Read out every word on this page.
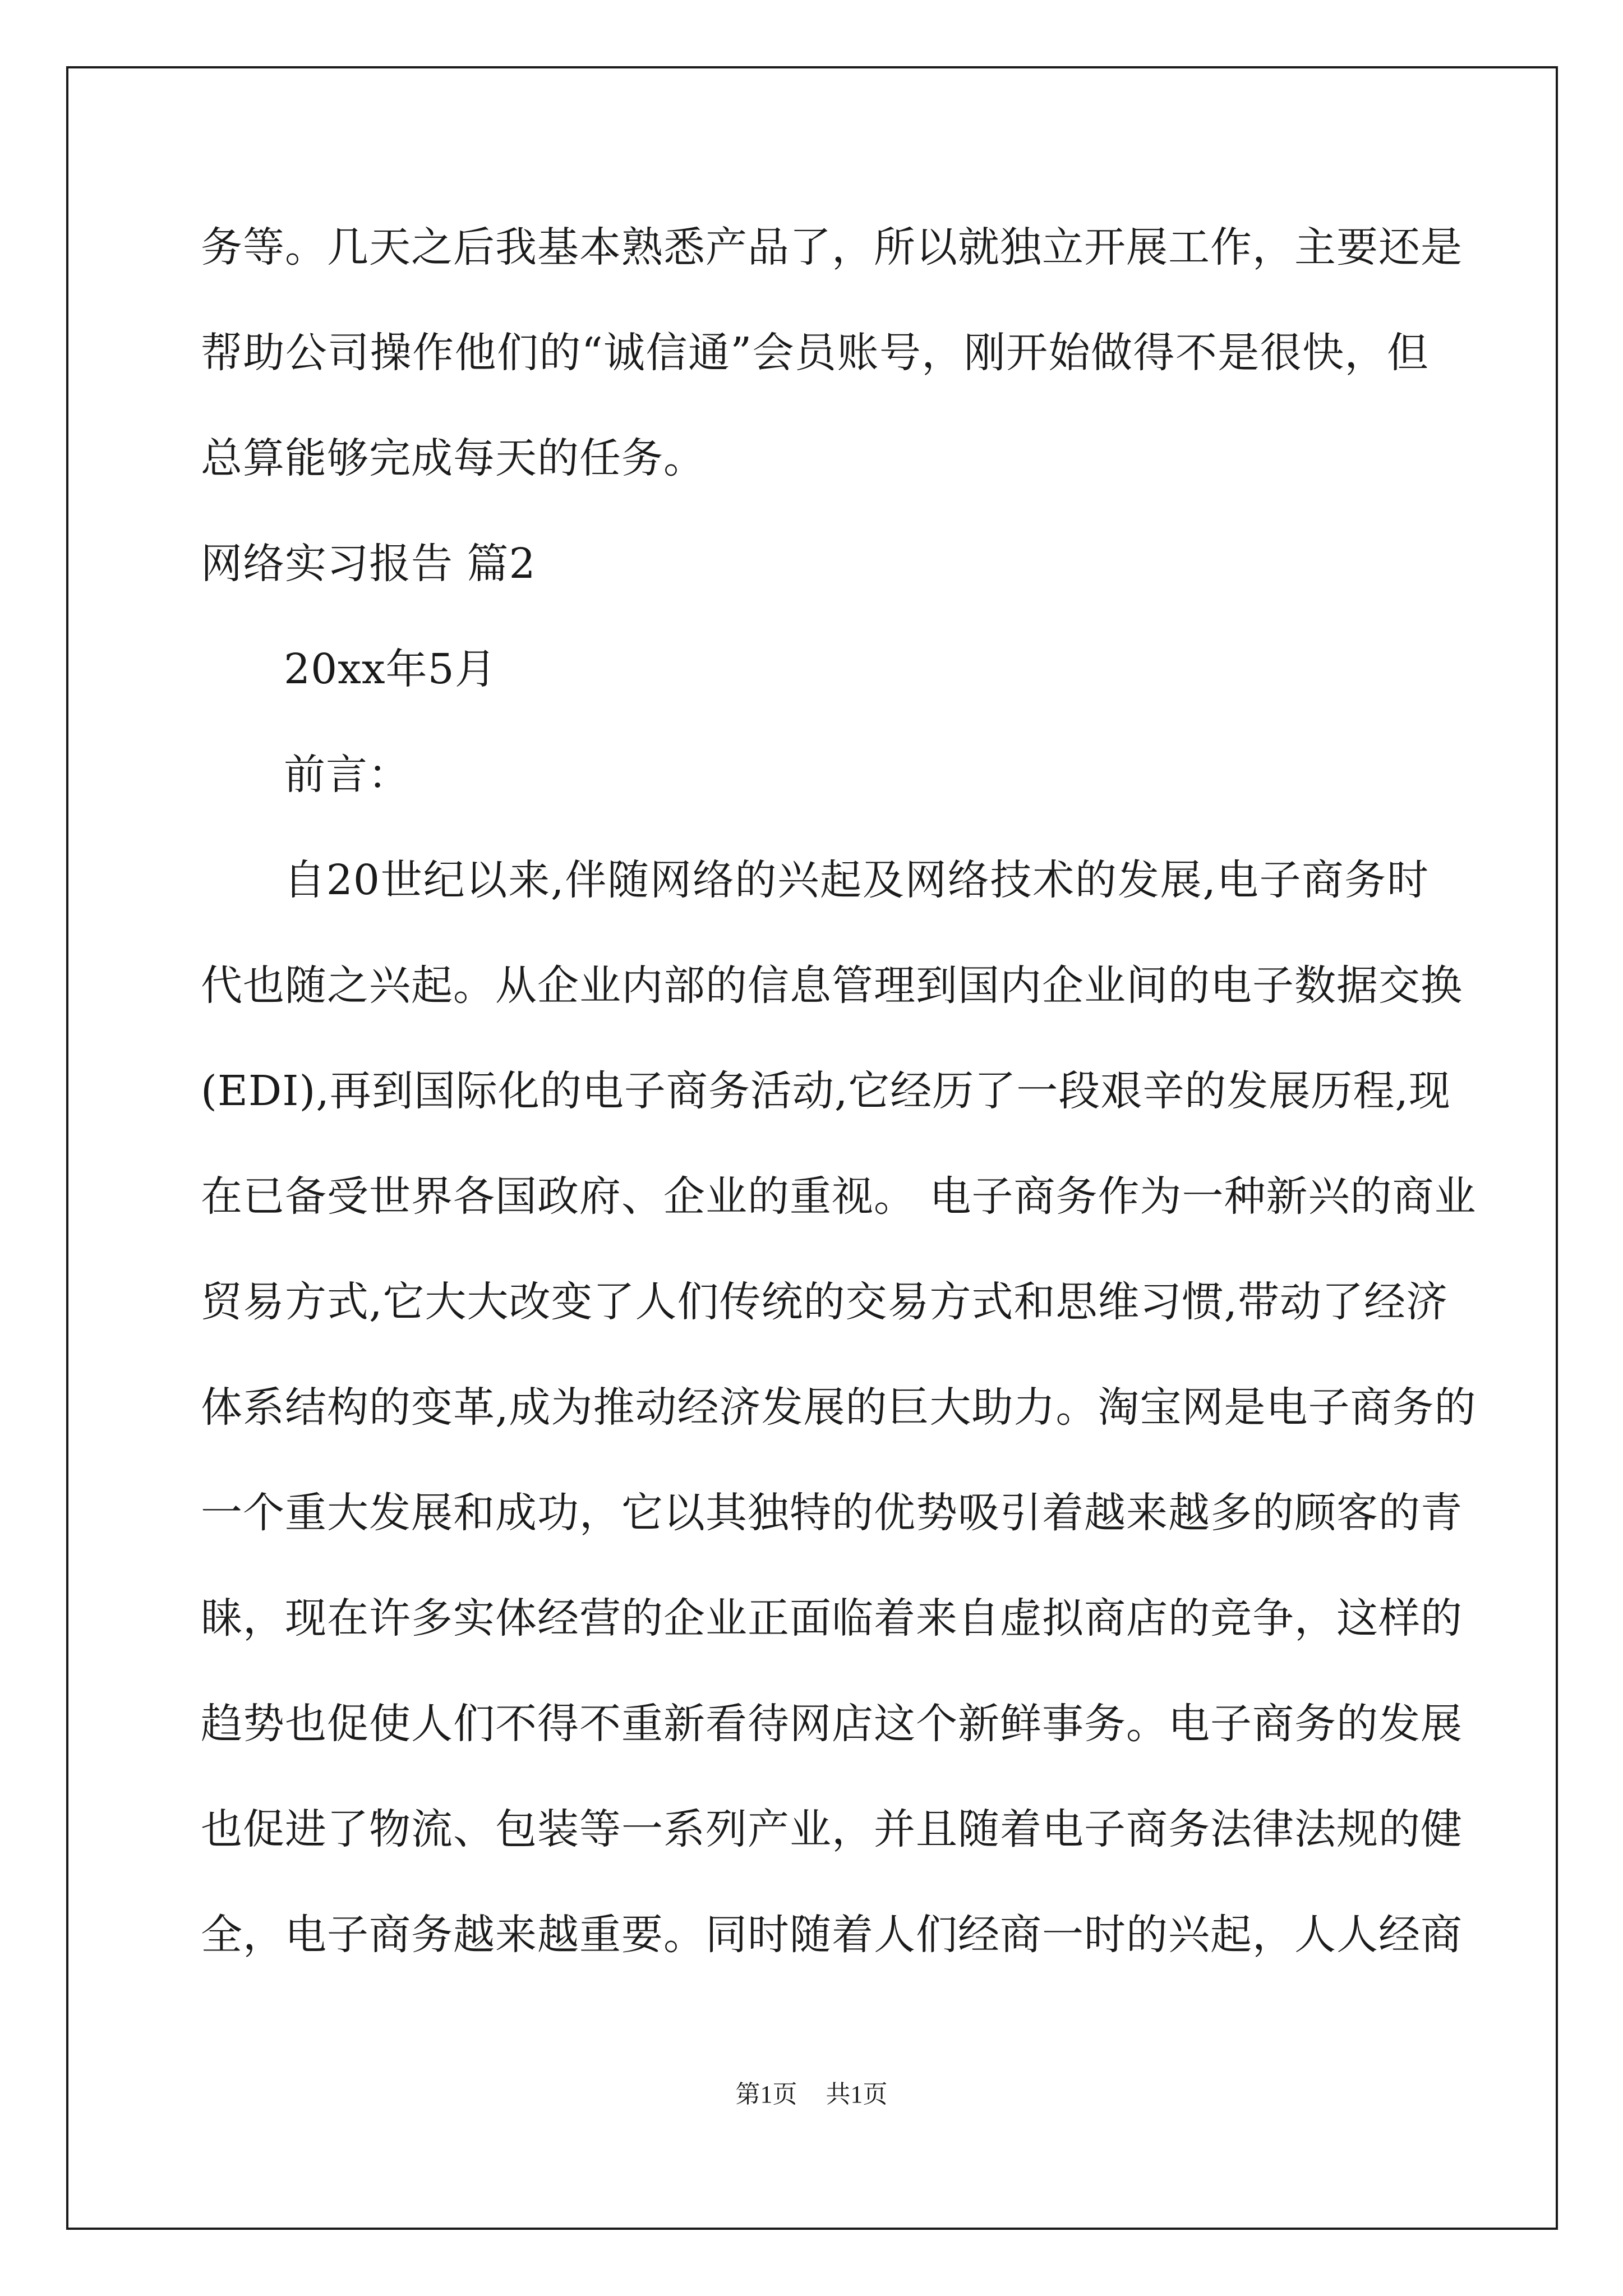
务等。几天之后我基本熟悉产品了，所以就独立开展工作，主要还是
帮助公司操作他们的“诚信通”会员账号，刚开始做得不是很快，但
总算能够完成每天的任务。
网络实习报告 篇2
20xx年5月
前言：
自20世纪以来,伴随网络的兴起及网络技术的发展,电子商务时
代也随之兴起。从企业内部的信息管理到国内企业间的电子数据交换
(EDI),再到国际化的电子商务活动,它经历了一段艰辛的发展历程,现
在已备受世界各国政府、企业的重视。 电子商务作为一种新兴的商业
贸易方式,它大大改变了人们传统的交易方式和思维习惯,带动了经济
体系结构的变革,成为推动经济发展的巨大助力。淘宝网是电子商务的
一个重大发展和成功，它以其独特的优势吸引着越来越多的顾客的青
睐，现在许多实体经营的企业正面临着来自虚拟商店的竞争，这样的
趋势也促使人们不得不重新看待网店这个新鲜事务。电子商务的发展
也促进了物流、包装等一系列产业，并且随着电子商务法律法规的健
全，电子商务越来越重要。同时随着人们经商一时的兴起，人人经商
第1页 共1页
